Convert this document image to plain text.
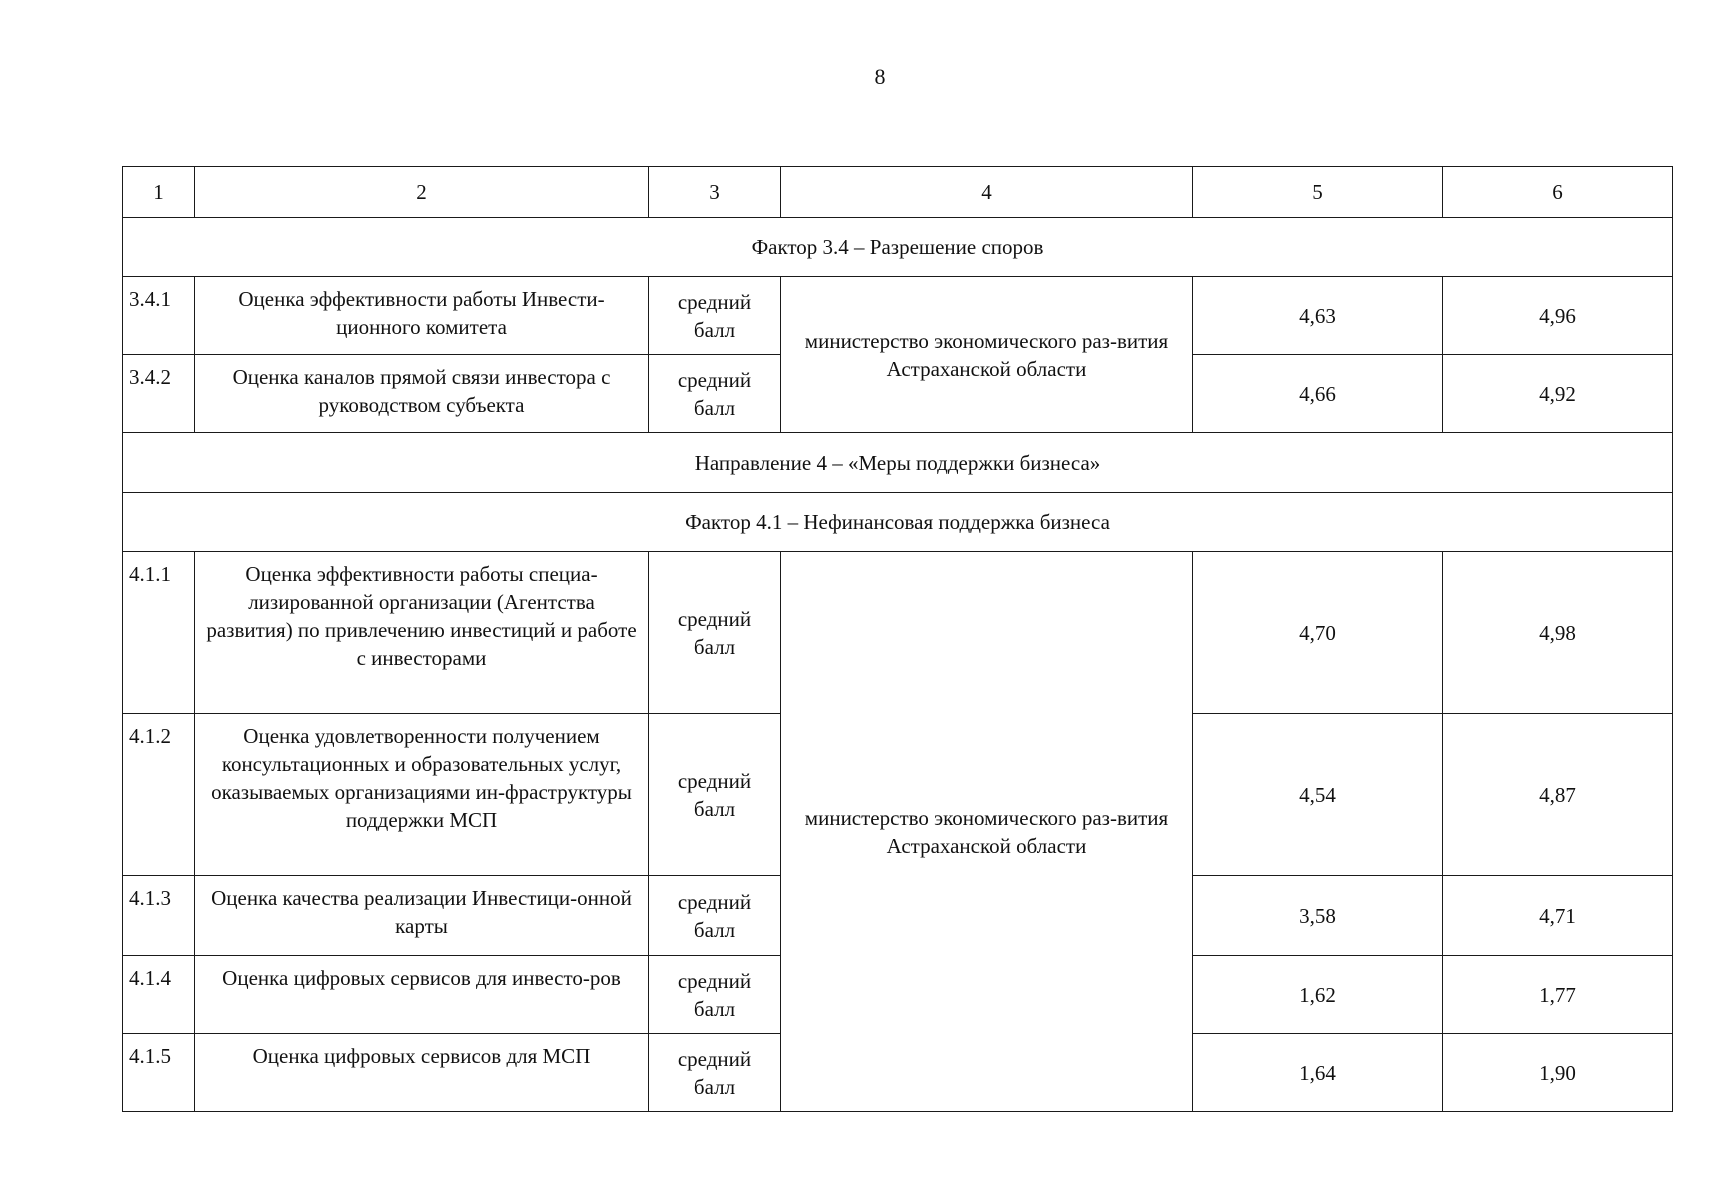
8
1	2	3	4	5	6
Фактор 3.4 – Разрешение споров					
3.4.1	Оценка эффективности работы Инвести-ционного комитета	средний балл	министерство экономического раз-вития Астраханской области	4,63	4,96
3.4.2	Оценка каналов прямой связи инвестора с руководством субъекта	средний балл		4,66	4,92
Направление 4 – «Меры поддержки бизнеса»					
Фактор 4.1 – Нефинансовая поддержка бизнеса					
4.1.1	Оценка эффективности работы специа-лизированной организации (Агентства развития) по привлечению инвестиций и работе с инвесторами	средний балл	министерство экономического раз-вития Астраханской области	4,70	4,98
4.1.2	Оценка удовлетворенности получением консультационных и образовательных услуг, оказываемых организациями ин-фраструктуры поддержки МСП	средний балл		4,54	4,87
4.1.3	Оценка качества реализации Инвестици-онной карты	средний балл		3,58	4,71
4.1.4	Оценка цифровых сервисов для инвесто-ров	средний балл		1,62	1,77
4.1.5	Оценка цифровых сервисов для МСП	средний балл		1,64	1,90
